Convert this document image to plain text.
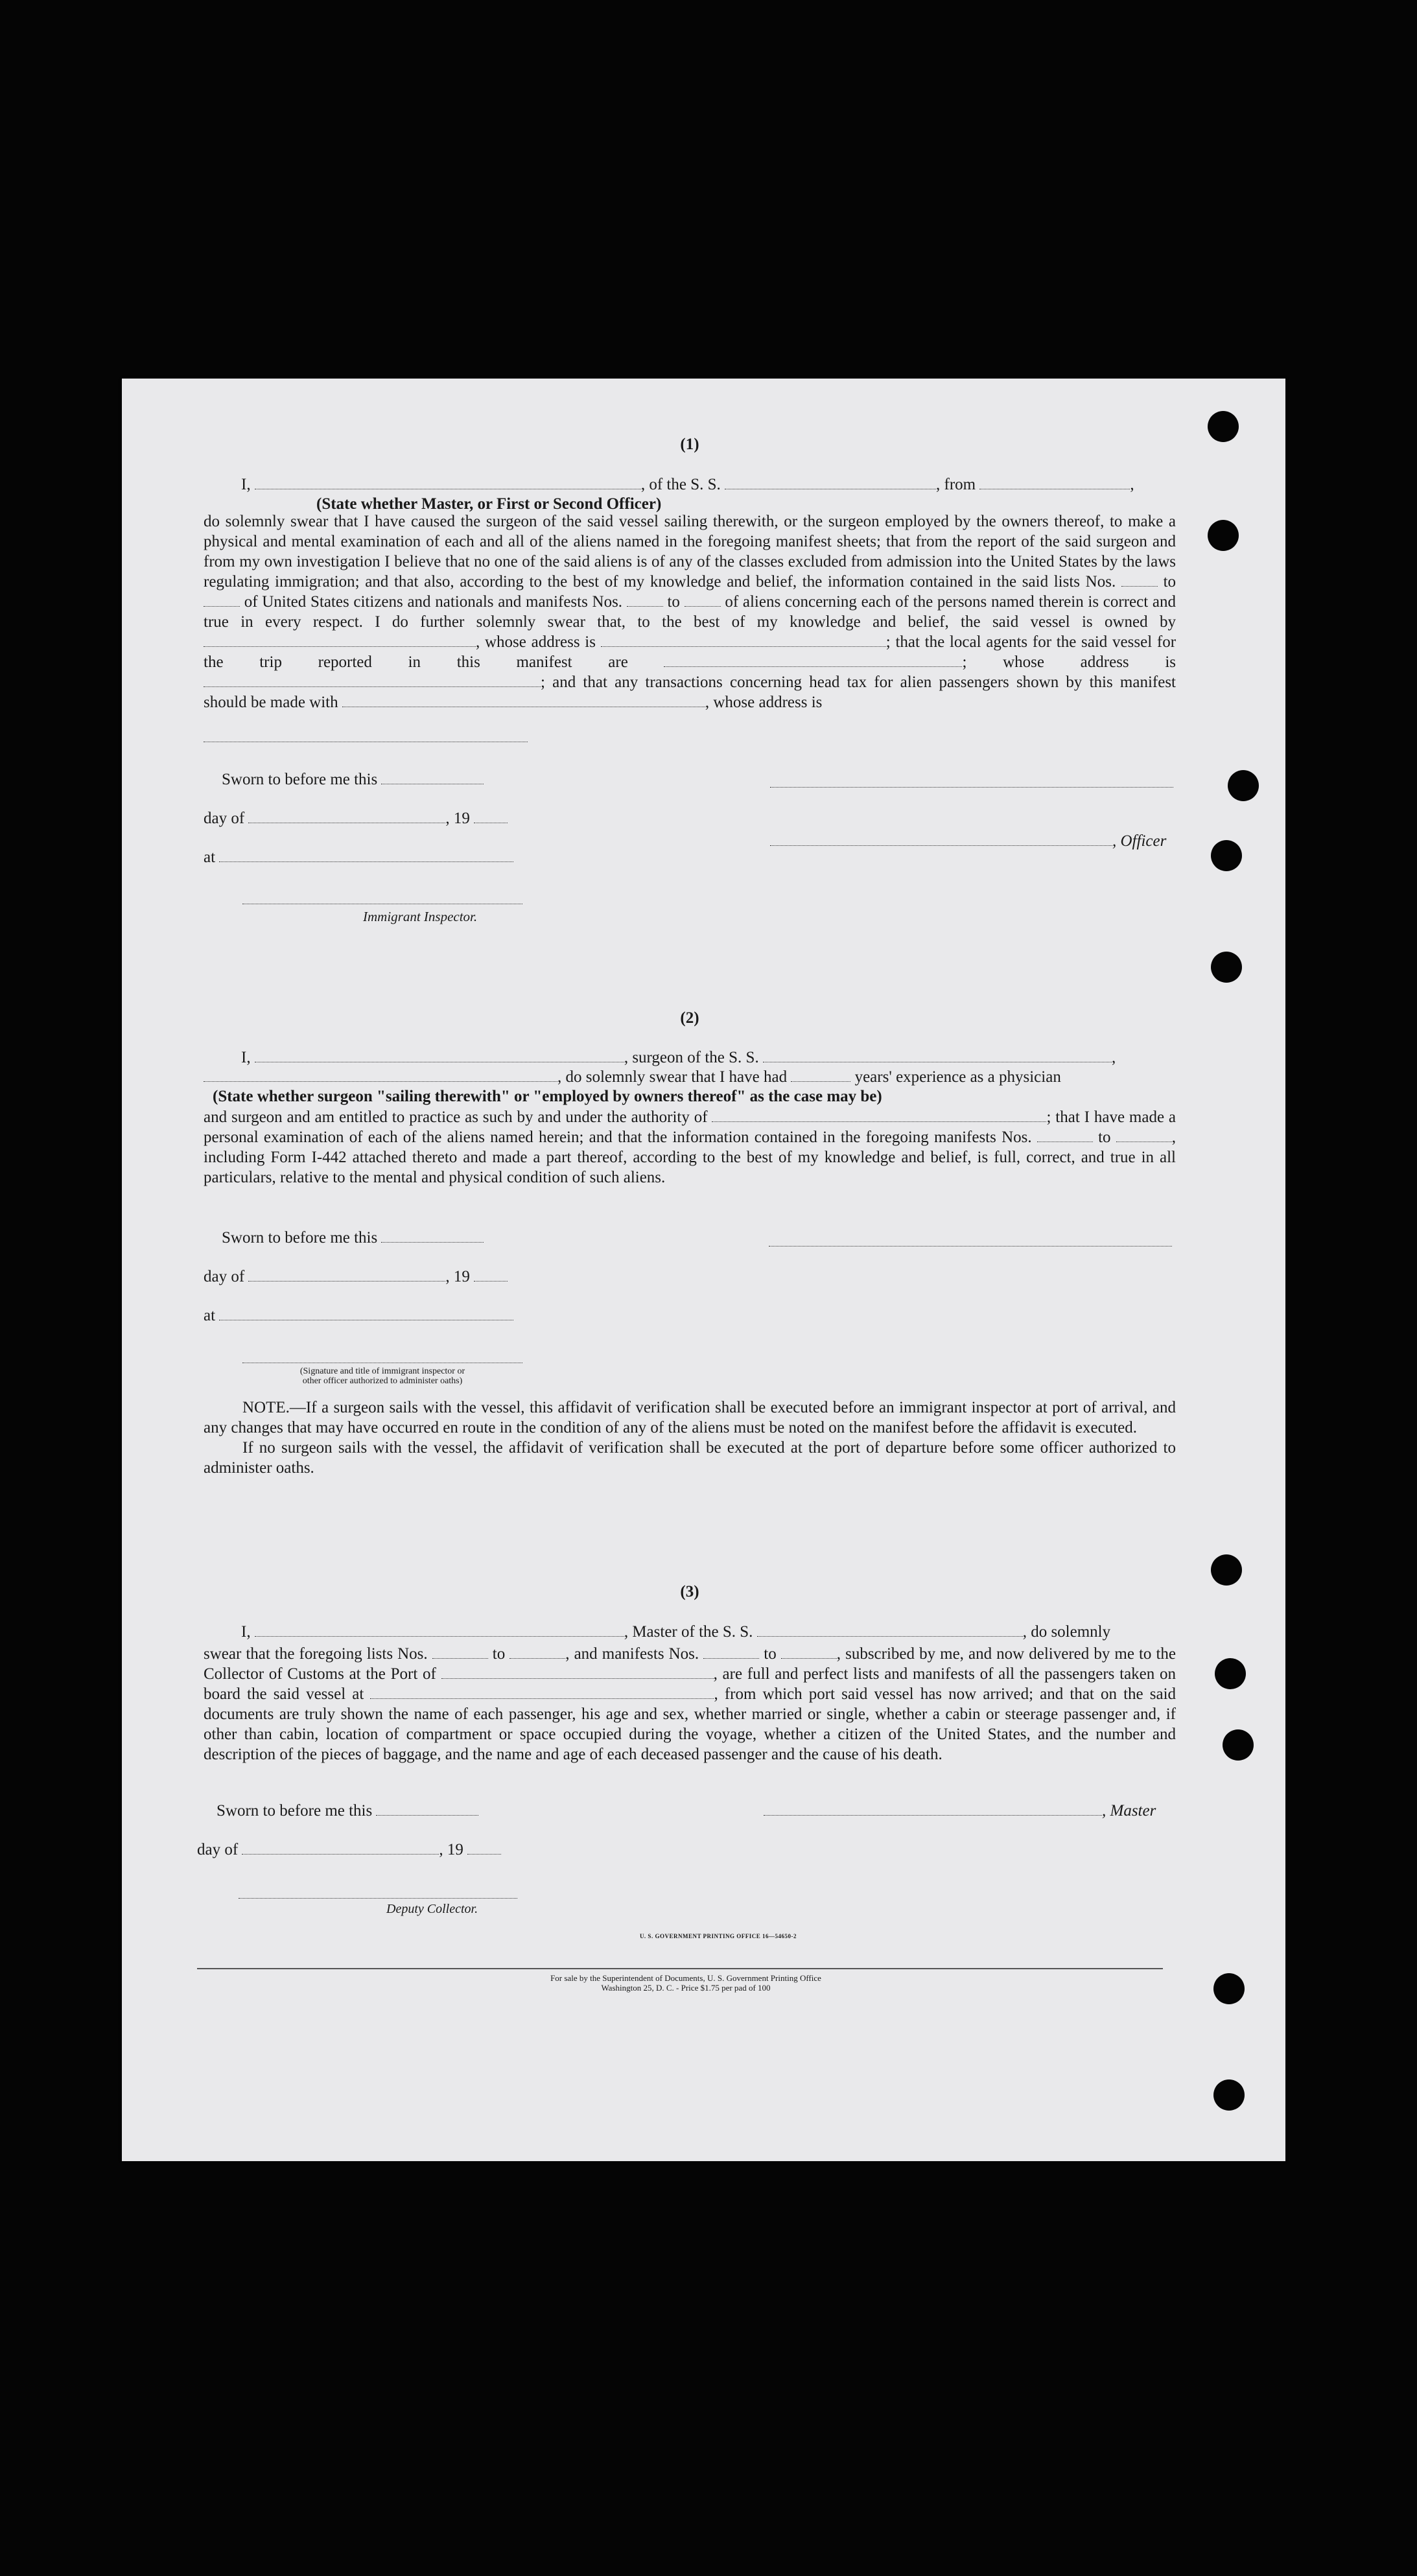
(1)

I,	, of the S. S.	, from	,
(State whether Master, or First or Second Officer)

do solemnly swear that I have caused the surgeon of the said vessel sailing therewith, or the surgeon employed by the owners thereof, to make a physical and mental examination of each and all of the aliens named in the foregoing manifest sheets; that from the report of the said surgeon and from my own investigation I believe that no one of the said aliens is of any of the classes excluded from admission into the United States by the laws regulating immigration; and that also, according to the best of my knowledge and belief, the information contained in the said lists Nos.	to  of United States citizens and nationals and manifests Nos.	to	of aliens concerning each of the persons named therein is correct and true in every respect. I do further solemnly swear that, to the best of my knowledge and belief, the said vessel is owned by , whose address is	; that the local agents for the said vessel for the trip reported in this manifest are	; whose address is ; and that any transactions concerning head tax for alien passengers shown by this manifest should be made with	, whose address is

Sworn to before me this
day of	, 19
, Officer
at
Immigrant Inspector.

(2)

I,	, surgeon of the S. S.	,
, do solemnly swear that I have had	years' experience as a physician
(State whether surgeon "sailing therewith" or "employed by owners thereof" as the case may be)

and surgeon and am entitled to practice as such by and under the authority of	; that I have made a personal examination of each of the aliens named herein; and that the information contained in the foregoing manifests Nos.	to	, including Form I-442 attached thereto and made a part thereof, according to the best of my knowledge and belief, is full, correct, and true in all particulars, relative to the mental and physical condition of such aliens.

Sworn to before me this
day of	, 19
at
(Signature and title of immigrant inspector or
other officer authorized to administer oaths)

NOTE.—If a surgeon sails with the vessel, this affidavit of verification shall be executed before an immigrant inspector at port of arrival, and any changes that may have occurred en route in the condition of any of the aliens must be noted on the manifest before the affidavit is executed.

If no surgeon sails with the vessel, the affidavit of verification shall be executed at the port of departure before some officer authorized to administer oaths.

(3)

I,	, Master of the S. S.	, do solemnly

swear that the foregoing lists Nos.	to	, and manifests Nos.	to	, subscribed by me, and now delivered by me to the Collector of Customs at the Port of	, are full and perfect lists and manifests of all the passengers taken on board the said vessel at	, from which port said vessel has now arrived; and that on the said documents are truly shown the name of each passenger, his age and sex, whether married or single, whether a cabin or steerage passenger and, if other than cabin, location of compartment or space occupied during the voyage, whether a citizen of the United States, and the number and description of the pieces of baggage, and the name and age of each deceased passenger and the cause of his death.

Sworn to before me this	, Master
day of	, 19
Deputy Collector.
U. S. GOVERNMENT PRINTING OFFICE 16—54650-2
For sale by the Superintendent of Documents, U. S. Government Printing Office
Washington 25, D. C. - Price $1.75 per pad of 100
